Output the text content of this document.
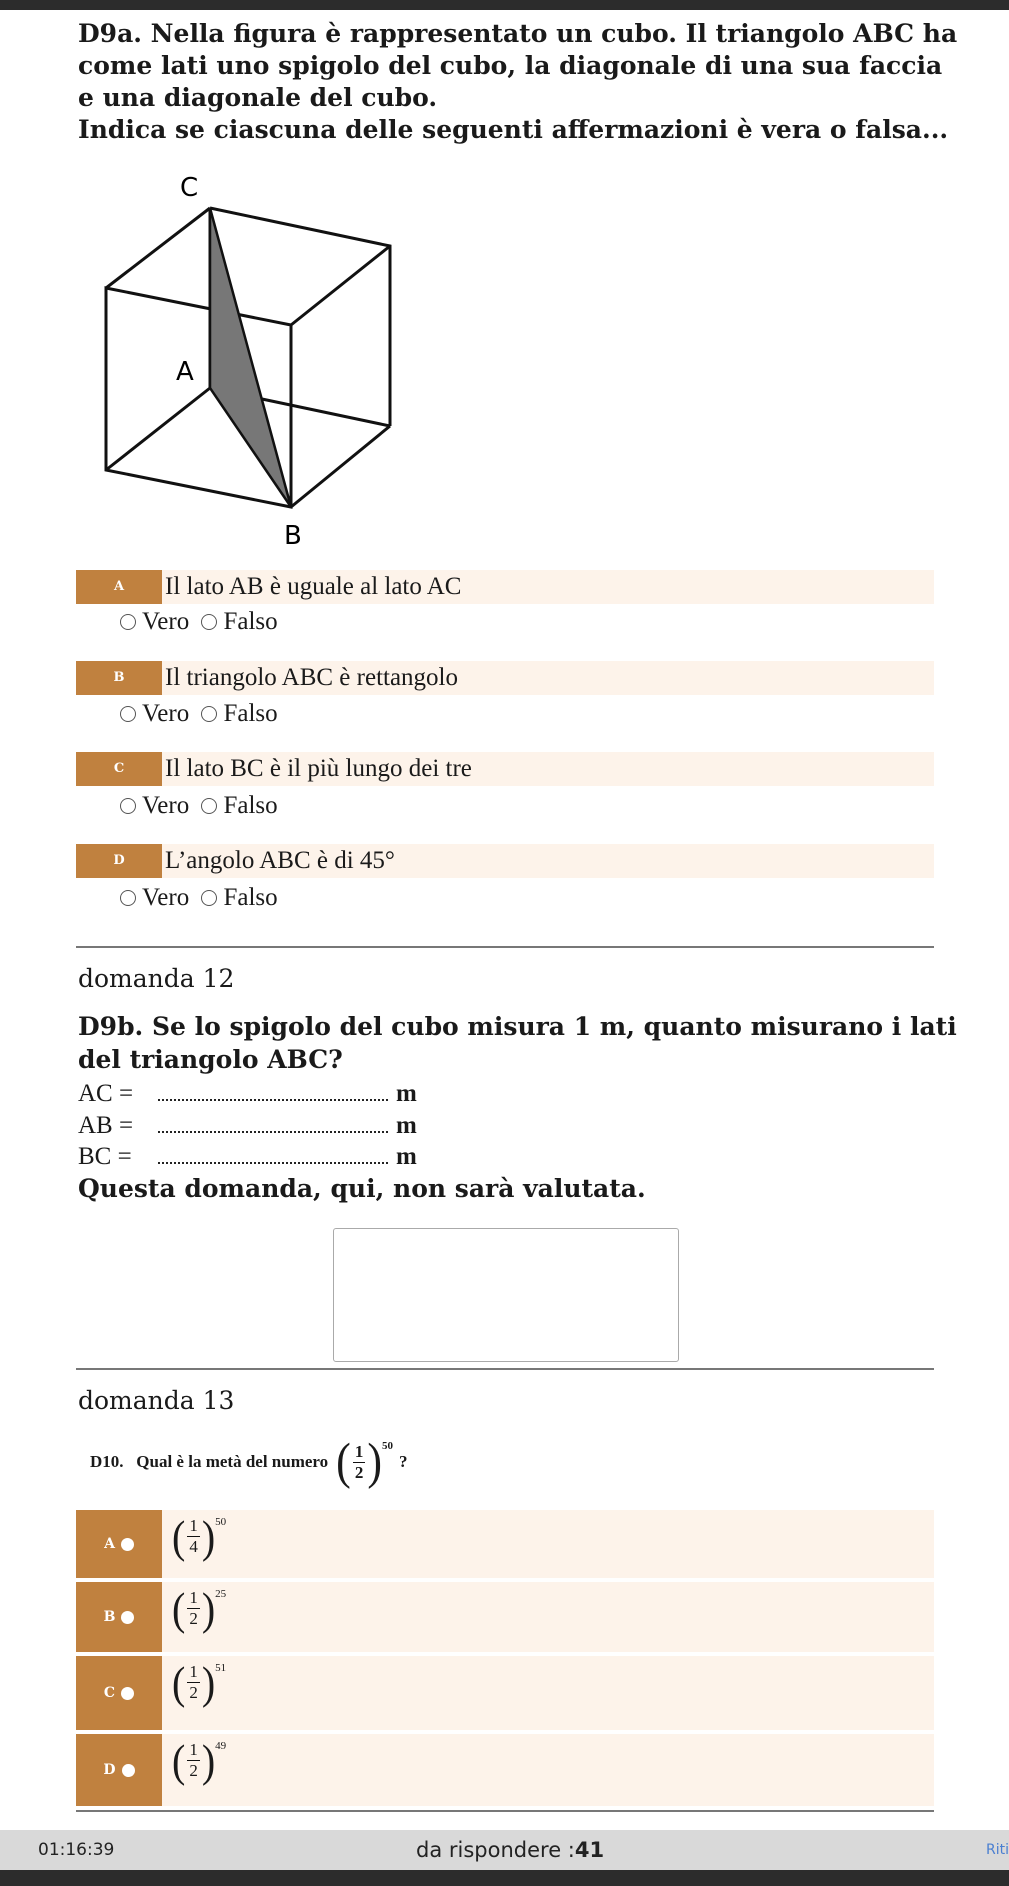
D9a. Nella figura è rappresentato un cubo. Il triangolo ABC ha come lati uno spigolo del cubo, la diagonale di una sua faccia e una diagonale del cubo.
Indica se ciascuna delle seguenti affermazioni è vera o falsa...
C
A
B
A	Il lato AB è uguale al lato AC
Vero
Falso
B	Il triangolo ABC è rettangolo
Vero
Falso
C	Il lato BC è il più lungo dei tre
Vero
Falso
D	L’angolo ABC è di 45°
Vero
Falso
domanda 12
D9b. Se lo spigolo del cubo misura 1 m, quanto misurano i lati del triangolo ABC?
AC =	m
AB =	m
BC =	m
Questa domanda, qui, non sarà valutata.
domanda 13
D10.   Qual è la metà del numero ( 1
2 ) 50
?
A ( 1
4 ) 50
B ( 1
2 ) 25
C ( 1
2 ) 51
D ( 1
2 ) 49
01:16:39	da rispondere :41	Riti
